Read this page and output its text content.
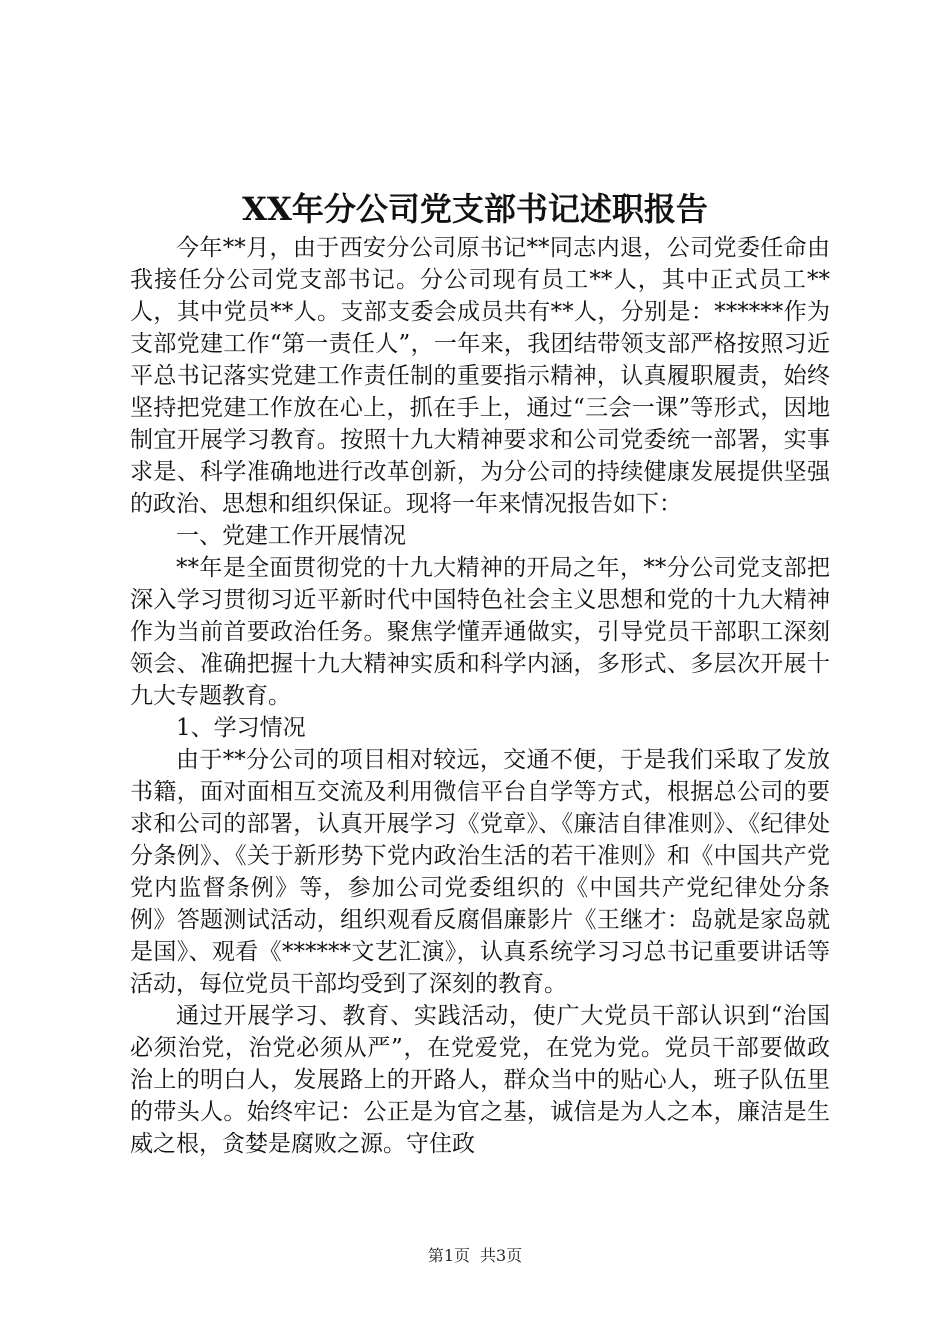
XX年分公司党支部书记述职报告

今年**月，由于西安分公司原书记**同志内退，公司党委任命由我接任分公司党支部书记。分公司现有员工**人，其中正式员工**人，其中党员**人。支部支委会成员共有**人，分别是：******作为支部党建工作“第一责任人”，一年来，我团结带领支部严格按照习近平总书记落实党建工作责任制的重要指示精神，认真履职履责，始终坚持把党建工作放在心上，抓在手上，通过“三会一课”等形式，因地制宜开展学习教育。按照十九大精神要求和公司党委统一部署，实事求是、科学准确地进行改革创新，为分公司的持续健康发展提供坚强的政治、思想和组织保证。现将一年来情况报告如下：

一、党建工作开展情况

**年是全面贯彻党的十九大精神的开局之年，**分公司党支部把深入学习贯彻习近平新时代中国特色社会主义思想和党的十九大精神作为当前首要政治任务。聚焦学懂弄通做实，引导党员干部职工深刻领会、准确把握十九大精神实质和科学内涵，多形式、多层次开展十九大专题教育。

1、学习情况

由于**分公司的项目相对较远，交通不便，于是我们采取了发放书籍，面对面相互交流及利用微信平台自学等方式，根据总公司的要求和公司的部署，认真开展学习《党章》、《廉洁自律准则》、《纪律处分条例》、《关于新形势下党内政治生活的若干准则》和《中国共产党党内监督条例》等，参加公司党委组织的《中国共产党纪律处分条例》答题测试活动，组织观看反腐倡廉影片《王继才：岛就是家岛就是国》、观看《******文艺汇演》，认真系统学习习总书记重要讲话等活动，每位党员干部均受到了深刻的教育。

通过开展学习、教育、实践活动，使广大党员干部认识到“治国必须治党，治党必须从严”，在党爱党，在党为党。党员干部要做政治上的明白人，发展路上的开路人，群众当中的贴心人，班子队伍里的带头人。始终牢记：公正是为官之基，诚信是为人之本，廉洁是生威之根，贪婪是腐败之源。守住政

第1页 共3页
